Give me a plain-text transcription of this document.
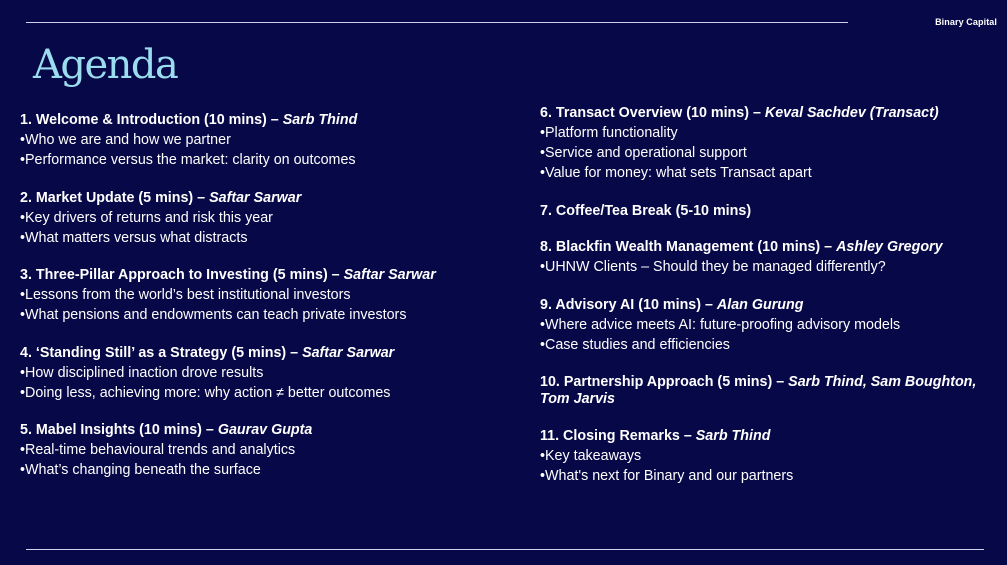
Binary Capital
Agenda
1. Welcome & Introduction (10 mins) – Sarb Thind
•Who we are and how we partner
•Performance versus the market: clarity on outcomes
2. Market Update (5 mins) – Saftar Sarwar
•Key drivers of returns and risk this year
•What matters versus what distracts
3. Three-Pillar Approach to Investing (5 mins) – Saftar Sarwar
•Lessons from the world’s best institutional investors
•What pensions and endowments can teach private investors
4. ‘Standing Still’ as a Strategy (5 mins) – Saftar Sarwar
•How disciplined inaction drove results
•Doing less, achieving more: why action ≠ better outcomes
5. Mabel Insights (10 mins) – Gaurav Gupta
•Real-time behavioural trends and analytics
•What’s changing beneath the surface
6. Transact Overview (10 mins) – Keval Sachdev (Transact)
•Platform functionality
•Service and operational support
•Value for money: what sets Transact apart
7. Coffee/Tea Break (5-10 mins)
8. Blackfin Wealth Management (10 mins) – Ashley Gregory
•UHNW Clients – Should they be managed differently?
9. Advisory AI (10 mins) – Alan Gurung
•Where advice meets AI: future-proofing advisory models
•Case studies and efficiencies
10. Partnership Approach (5 mins) – Sarb Thind, Sam Boughton, Tom Jarvis
11. Closing Remarks – Sarb Thind
•Key takeaways
•What's next for Binary and our partners
